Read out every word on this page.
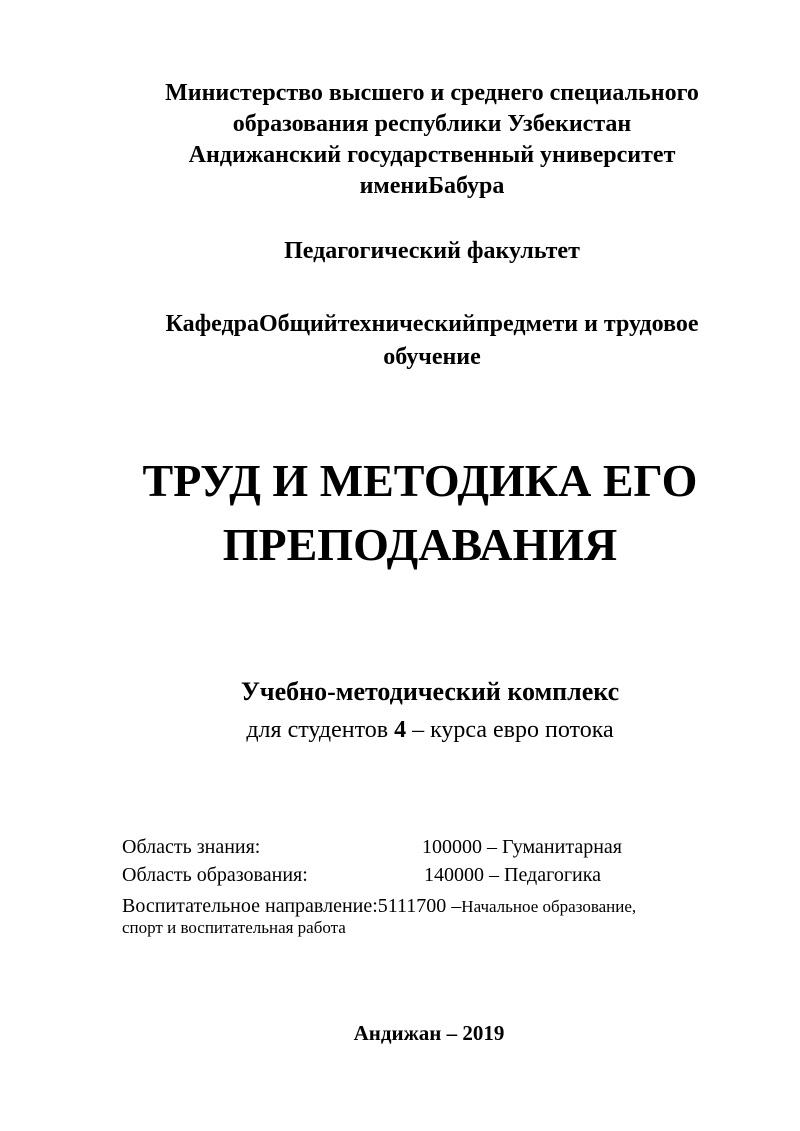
Министерство высшего и среднего специального
образования республики Узбекистан
Андижанский государственный университет
имениБабура
Педагогический факультет
КафедраОбщийтехническийпредмети и трудовое
обучение
ТРУД И МЕТОДИКА ЕГО
ПРЕПОДАВАНИЯ
Учебно-методический комплекс
для студентов 4 – курса евро потока
Область знания:	100000 – Гуманитарная
Область образования:	140000 – Педагогика
Воспитательное направление:5111700 –Начальное образование,
спорт и воспитательная работа
Андижан – 2019
